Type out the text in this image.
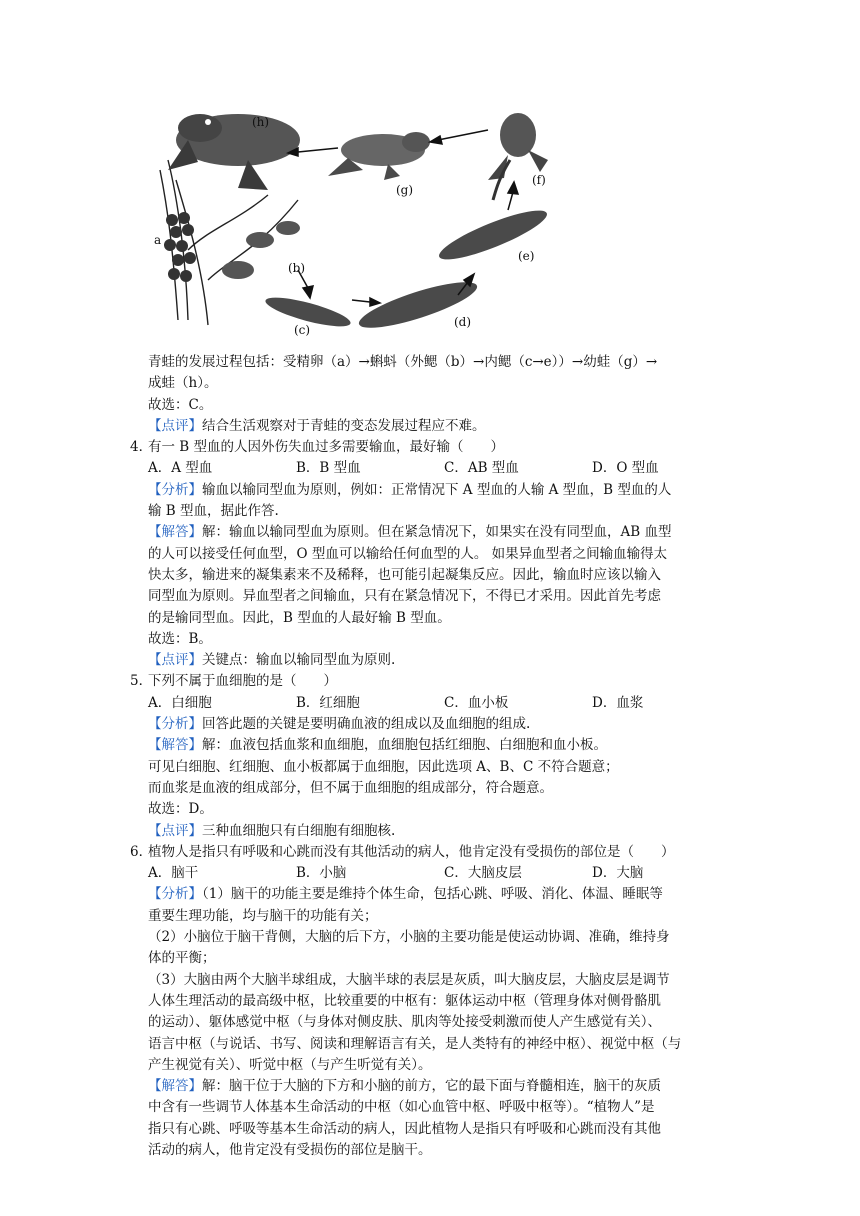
(h)
(g)
(f)
(e)
(d)
(c)
(b)
a
青蛙的发展过程包括：受精卵（a）→蝌蚪（外鳃（b）→内鳃（c→e））→幼蛙（g）→
成蛙（h）。
故选：C。
【点评】结合生活观察对于青蛙的变态发展过程应不难。
4．
有一 B 型血的人因外伤失血过多需要输血，最好输（　　）
A．A 型血	B．B 型血	C．AB 型血	D．O 型血
【分析】输血以输同型血为原则，例如：正常情况下 A 型血的人输 A 型血，B 型血的人
输 B 型血，据此作答.
【解答】解：输血以输同型血为原则。但在紧急情况下，如果实在没有同型血，AB 血型
的人可以接受任何血型，O 型血可以输给任何血型的人。 如果异血型者之间输血输得太
快太多，输进来的凝集素来不及稀释，也可能引起凝集反应。因此，输血时应该以输入
同型血为原则。异血型者之间输血，只有在紧急情况下，不得已才采用。因此首先考虑
的是输同型血。因此，B 型血的人最好输 B 型血。
故选：B。
【点评】关键点：输血以输同型血为原则.
5．
下列不属于血细胞的是（　　）
A．白细胞	B．红细胞	C．血小板	D．血浆
【分析】回答此题的关键是要明确血液的组成以及血细胞的组成.
【解答】解：血液包括血浆和血细胞，血细胞包括红细胞、白细胞和血小板。
可见白细胞、红细胞、血小板都属于血细胞，因此选项 A、B、C 不符合题意；
而血浆是血液的组成部分，但不属于血细胞的组成部分，符合题意。
故选：D。
【点评】三种血细胞只有白细胞有细胞核.
6．
植物人是指只有呼吸和心跳而没有其他活动的病人，他肯定没有受损伤的部位是（　　）
A．脑干	B．小脑	C．大脑皮层	D．大脑
【分析】（1）脑干的功能主要是维持个体生命，包括心跳、呼吸、消化、体温、睡眠等
重要生理功能，均与脑干的功能有关；
（2）小脑位于脑干背侧，大脑的后下方，小脑的主要功能是使运动协调、准确，维持身
体的平衡；
（3）大脑由两个大脑半球组成，大脑半球的表层是灰质，叫大脑皮层，大脑皮层是调节
人体生理活动的最高级中枢，比较重要的中枢有：躯体运动中枢（管理身体对侧骨骼肌
的运动）、躯体感觉中枢（与身体对侧皮肤、肌肉等处接受刺激而使人产生感觉有关）、
语言中枢（与说话、书写、阅读和理解语言有关，是人类特有的神经中枢）、视觉中枢（与
产生视觉有关）、听觉中枢（与产生听觉有关）。
【解答】解：脑干位于大脑的下方和小脑的前方，它的最下面与脊髓相连，脑干的灰质
中含有一些调节人体基本生命活动的中枢（如心血管中枢、呼吸中枢等）。“植物人”是
指只有心跳、呼吸等基本生命活动的病人，因此植物人是指只有呼吸和心跳而没有其他
活动的病人，他肯定没有受损伤的部位是脑干。
